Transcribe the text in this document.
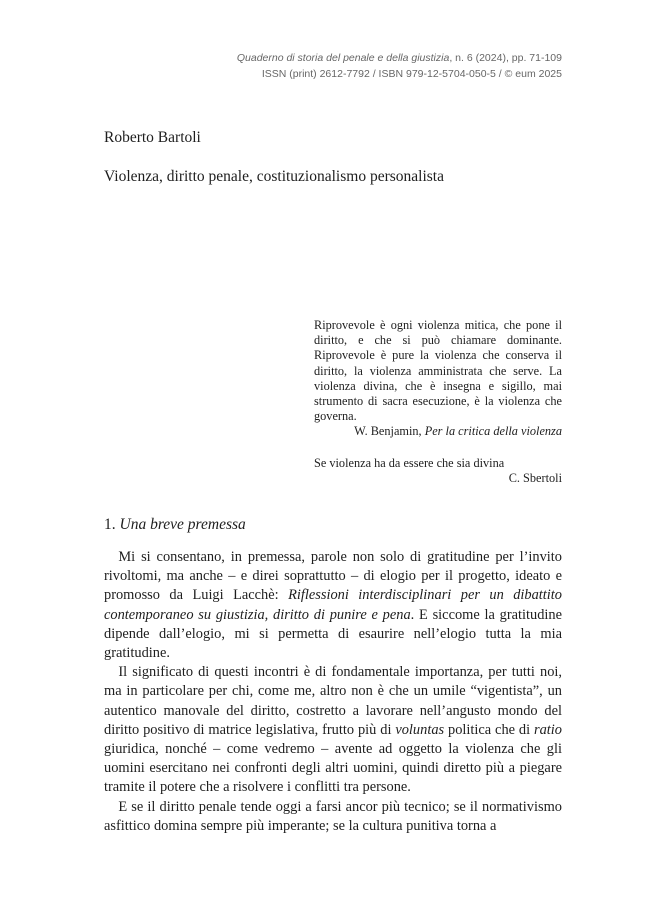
Quaderno di storia del penale e della giustizia, n. 6 (2024), pp. 71-109
ISSN (print) 2612-7792 / ISBN 979-12-5704-050-5 / © eum 2025

Roberto Bartoli

Violenza, diritto penale, costituzionalismo personalista

Riprovevole è ogni violenza mitica, che pone il diritto, e che si può chiamare dominante. Riprovevole è pure la violenza che conserva il diritto, la violenza amministrata che serve. La violenza divina, che è insegna e sigillo, mai strumento di sacra esecuzione, è la violenza che governa.

W. Benjamin, Per la critica della violenza

Se violenza ha da essere che sia divina

C. Sbertoli

1. Una breve premessa

 Mi si consentano, in premessa, parole non solo di gratitudine per l’invito rivoltomi, ma anche – e direi soprattutto – di elogio per il progetto, ideato e promosso da Luigi Lacchè: Riflessioni interdisciplinari per un dibattito contemporaneo su giustizia, diritto di punire e pena. E siccome la gratitudine dipende dall’elogio, mi si permetta di esaurire nell’elogio tutta la mia gratitudine.

 Il significato di questi incontri è di fondamentale importanza, per tutti noi, ma in particolare per chi, come me, altro non è che un umile “vigentista”, un autentico manovale del diritto, costretto a lavorare nell’angusto mondo del diritto positivo di matrice legislativa, frutto più di voluntas politica che di ratio giuridica, nonché – come vedremo – avente ad oggetto la violenza che gli uomini esercitano nei confronti degli altri uomini, quindi diretto più a piegare tramite il potere che a risolvere i conflitti tra persone.

 E se il diritto penale tende oggi a farsi ancor più tecnico; se il normativismo asfittico domina sempre più imperante; se la cultura punitiva torna a
